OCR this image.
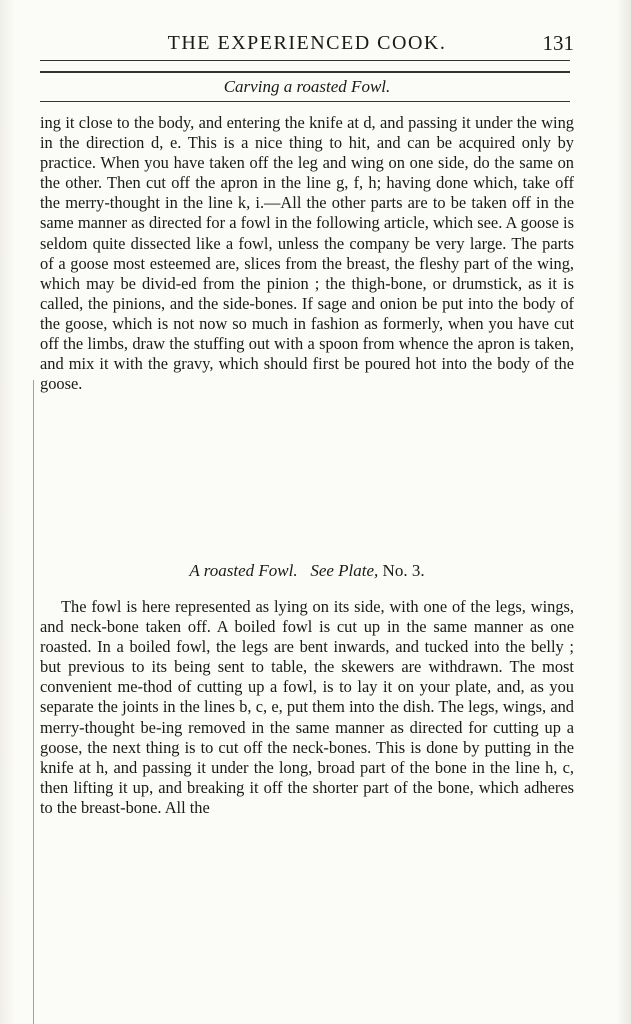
THE EXPERIENCED COOK.	131
Carving a roasted Fowl.

ing it close to the body, and entering the knife at d, and passing it under the wing in the direction d, e. This is a nice thing to hit, and can be acquired only by practice. When you have taken off the leg and wing on one side, do the same on the other. Then cut off the apron in the line g, f, h; having done which, take off the merry-thought in the line k, i.—All the other parts are to be taken off in the same manner as directed for a fowl in the following article, which see. A goose is seldom quite dissected like a fowl, unless the company be very large. The parts of a goose most esteemed are, slices from the breast, the fleshy part of the wing, which may be divid-ed from the pinion ; the thigh-bone, or drumstick, as it is called, the pinions, and the side-bones. If sage and onion be put into the body of the goose, which is not now so much in fashion as formerly, when you have cut off the limbs, draw the stuffing out with a spoon from whence the apron is taken, and mix it with the gravy, which should first be poured hot into the body of the goose.

A roasted Fowl. See Plate, No. 3.

The fowl is here represented as lying on its side, with one of the legs, wings, and neck-bone taken off. A boiled fowl is cut up in the same manner as one roasted. In a boiled fowl, the legs are bent inwards, and tucked into the belly ; but previous to its being sent to table, the skewers are withdrawn. The most convenient me-thod of cutting up a fowl, is to lay it on your plate, and, as you separate the joints in the lines b, c, e, put them into the dish. The legs, wings, and merry-thought be-ing removed in the same manner as directed for cutting up a goose, the next thing is to cut off the neck-bones. This is done by putting in the knife at h, and passing it under the long, broad part of the bone in the line h, c, then lifting it up, and breaking it off the shorter part of the bone, which adheres to the breast-bone. All the
